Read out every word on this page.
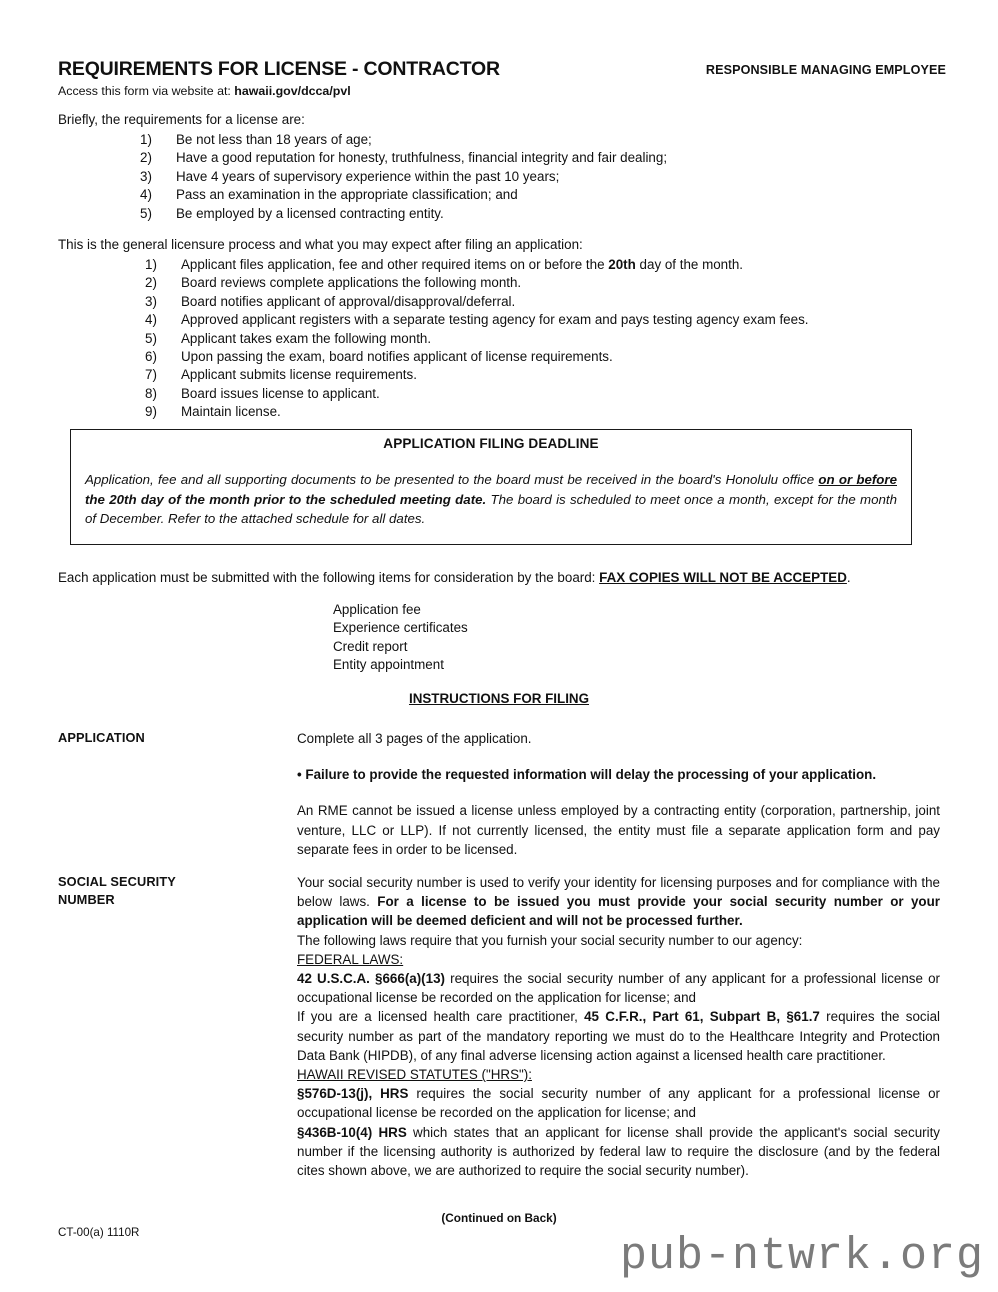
REQUIREMENTS FOR LICENSE - CONTRACTOR	RESPONSIBLE MANAGING EMPLOYEE
Access this form via website at: hawaii.gov/dcca/pvl
Briefly, the requirements for a license are:
1)	Be not less than 18 years of age;
2)	Have a good reputation for honesty, truthfulness, financial integrity and fair dealing;
3)	Have 4 years of supervisory experience within the past 10 years;
4)	Pass an examination in the appropriate classification; and
5)	Be employed by a licensed contracting entity.
This is the general licensure process and what you may expect after filing an application:
1)	Applicant files application, fee and other required items on or before the 20th day of the month.
2)	Board reviews complete applications the following month.
3)	Board notifies applicant of approval/disapproval/deferral.
4)	Approved applicant registers with a separate testing agency for exam and pays testing agency exam fees.
5)	Applicant takes exam the following month.
6)	Upon passing the exam, board notifies applicant of license requirements.
7)	Applicant submits license requirements.
8)	Board issues license to applicant.
9)	Maintain license.
APPLICATION FILING DEADLINE
Application, fee and all supporting documents to be presented to the board must be received in the board's Honolulu office on or before the 20th day of the month prior to the scheduled meeting date. The board is scheduled to meet once a month, except for the month of December. Refer to the attached schedule for all dates.
Each application must be submitted with the following items for consideration by the board: FAX COPIES WILL NOT BE ACCEPTED.
Application fee
Experience certificates
Credit report
Entity appointment
INSTRUCTIONS FOR FILING
APPLICATION	Complete all 3 pages of the application.

• Failure to provide the requested information will delay the processing of your application.

An RME cannot be issued a license unless employed by a contracting entity (corporation, partnership, joint venture, LLC or LLP). If not currently licensed, the entity must file a separate application form and pay separate fees in order to be licensed.

SOCIAL SECURITY
NUMBER

Your social security number is used to verify your identity for licensing purposes and for compliance with the below laws. For a license to be issued you must provide your social security number or your application will be deemed deficient and will not be processed further.

The following laws require that you furnish your social security number to our agency:

FEDERAL LAWS:

42 U.S.C.A. §666(a)(13) requires the social security number of any applicant for a professional license or occupational license be recorded on the application for license; and

If you are a licensed health care practitioner, 45 C.F.R., Part 61, Subpart B, §61.7 requires the social security number as part of the mandatory reporting we must do to the Healthcare Integrity and Protection Data Bank (HIPDB), of any final adverse licensing action against a licensed health care practitioner.

HAWAII REVISED STATUTES ("HRS"):

§576D-13(j), HRS requires the social security number of any applicant for a professional license or occupational license be recorded on the application for license; and

§436B-10(4) HRS which states that an applicant for license shall provide the applicant's social security number if the licensing authority is authorized by federal law to require the disclosure (and by the federal cites shown above, we are authorized to require the social security number).

(Continued on Back)
CT-00(a) 1110R	pub-ntwrk.org
